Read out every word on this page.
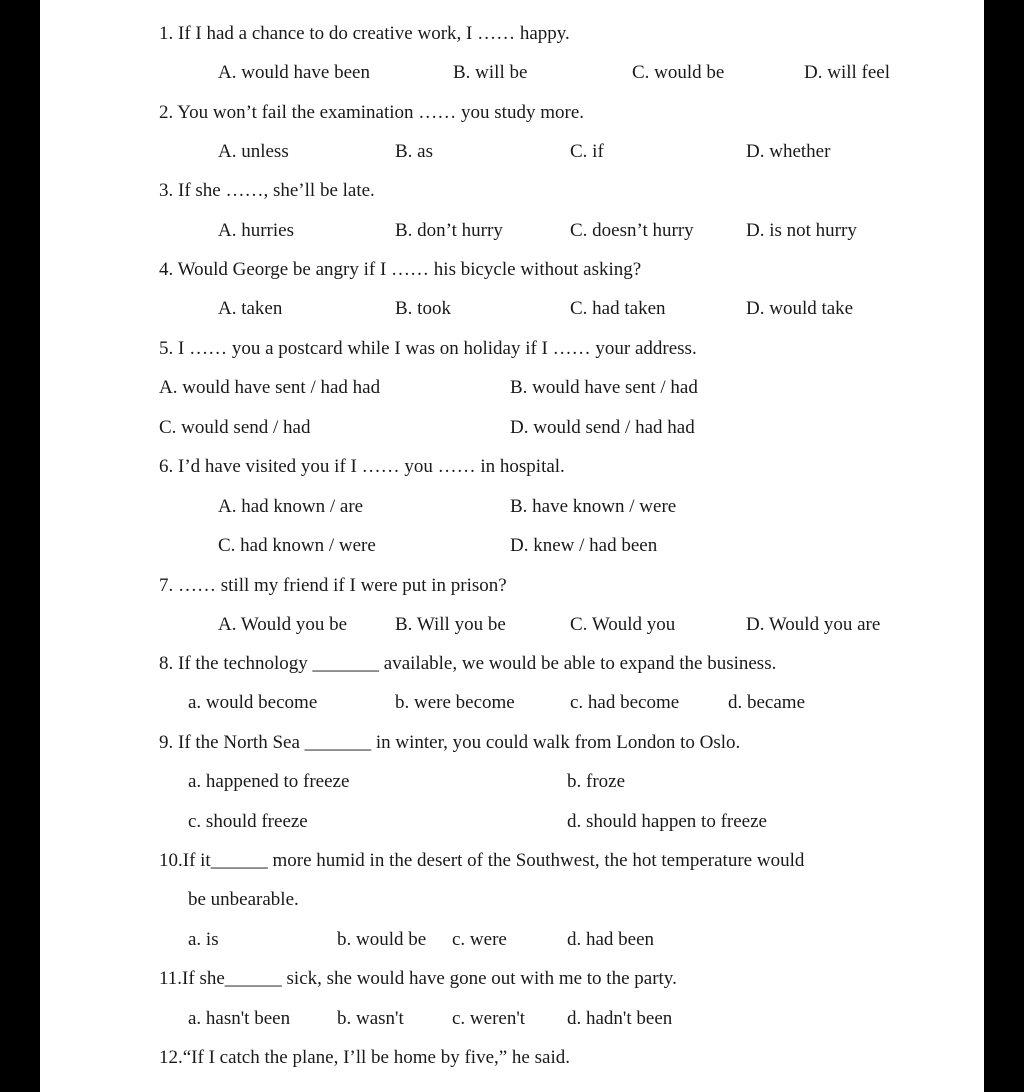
1. If I had a chance to do creative work, I …… happy.
A. would have been	B. will be	C. would be	D. will feel
2. You won’t fail the examination …… you study more.
A. unless	B. as	C. if	D. whether
3. If she ……, she’ll be late.
A. hurries	B. don’t hurry	C. doesn’t hurry	D. is not hurry
4. Would George be angry if I …… his bicycle without asking?
A. taken	B. took	C. had taken	D. would take
5. I …… you a postcard while I was on holiday if I …… your address.
A. would have sent / had had	B. would have sent / had
C. would send / had	D. would send / had had
6. I’d have visited you if I …… you …… in hospital.
A. had known / are	B. have known / were
C. had known / were	D. knew / had been
7. …… still my friend if I were put in prison?
A. Would you be	B. Will you be	C. Would you	D. Would you are
8. If the technology _______ available, we would be able to expand the business.
a. would become	b. were become	c. had become	d. became
9. If the North Sea _______ in winter, you could walk from London to Oslo.
a. happened to freeze	b. froze
c. should freeze	d. should happen to freeze
10.If it______ more humid in the desert of the Southwest, the hot temperature would
be unbearable.
a. is	b. would be c. were	d. had been
11.If she______ sick, she would have gone out with me to the party.
a. hasn't been b. wasn't	c. weren't d. hadn't been
12.“If I catch the plane, I’ll be home by five,” he said.
